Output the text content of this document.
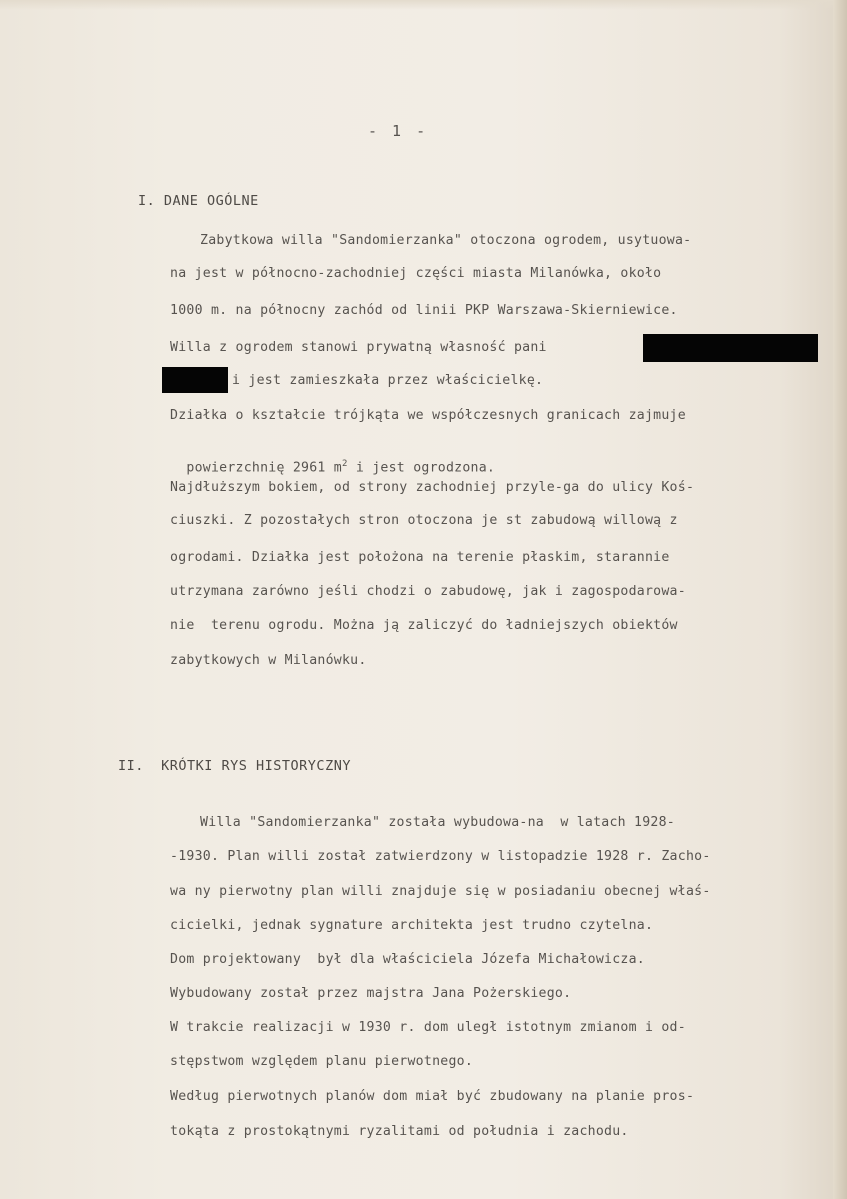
- 1 -
I. DANE OGÓLNE
Zabytkowa willa "Sandomierzanka" otoczona ogrodem, usytuowa-
na jest w północno-zachodniej części miasta Milanówka, około
1000 m. na północny zachód od linii PKP Warszawa-Skierniewice.
Willa z ogrodem stanowi prywatną własność pani
i jest zamieszkała przez właścicielkę.
Działka o kształcie trójkąta we współczesnych granicach zajmuje

powierzchnię 2961 $m^2$ i jest ogrodzona.

Najdłuższym bokiem, od strony zachodniej przyle-ga do ulicy Koś-
ciuszki. Z pozostałych stron otoczona je st zabudową willową z
ogrodami. Działka jest położona na terenie płaskim, starannie
utrzymana zarówno jeśli chodzi o zabudowę, jak i zagospodarowa-
nie  terenu ogrodu. Można ją zaliczyć do ładniejszych obiektów
zabytkowych w Milanówku.
II.  KRÓTKI RYS HISTORYCZNY
Willa "Sandomierzanka" została wybudowa-na  w latach 1928-
-1930. Plan willi został zatwierdzony w listopadzie 1928 r. Zacho-
wa ny pierwotny plan willi znajduje się w posiadaniu obecnej właś-
cicielki, jednak sygnature architekta jest trudno czytelna.
Dom projektowany  był dla właściciela Józefa Michałowicza.
Wybudowany został przez majstra Jana Pożerskiego.
W trakcie realizacji w 1930 r. dom uległ istotnym zmianom i od-
stępstwom względem planu pierwotnego.
Według pierwotnych planów dom miał być zbudowany na planie pros-
tokąta z prostokątnymi ryzalitami od południa i zachodu.
